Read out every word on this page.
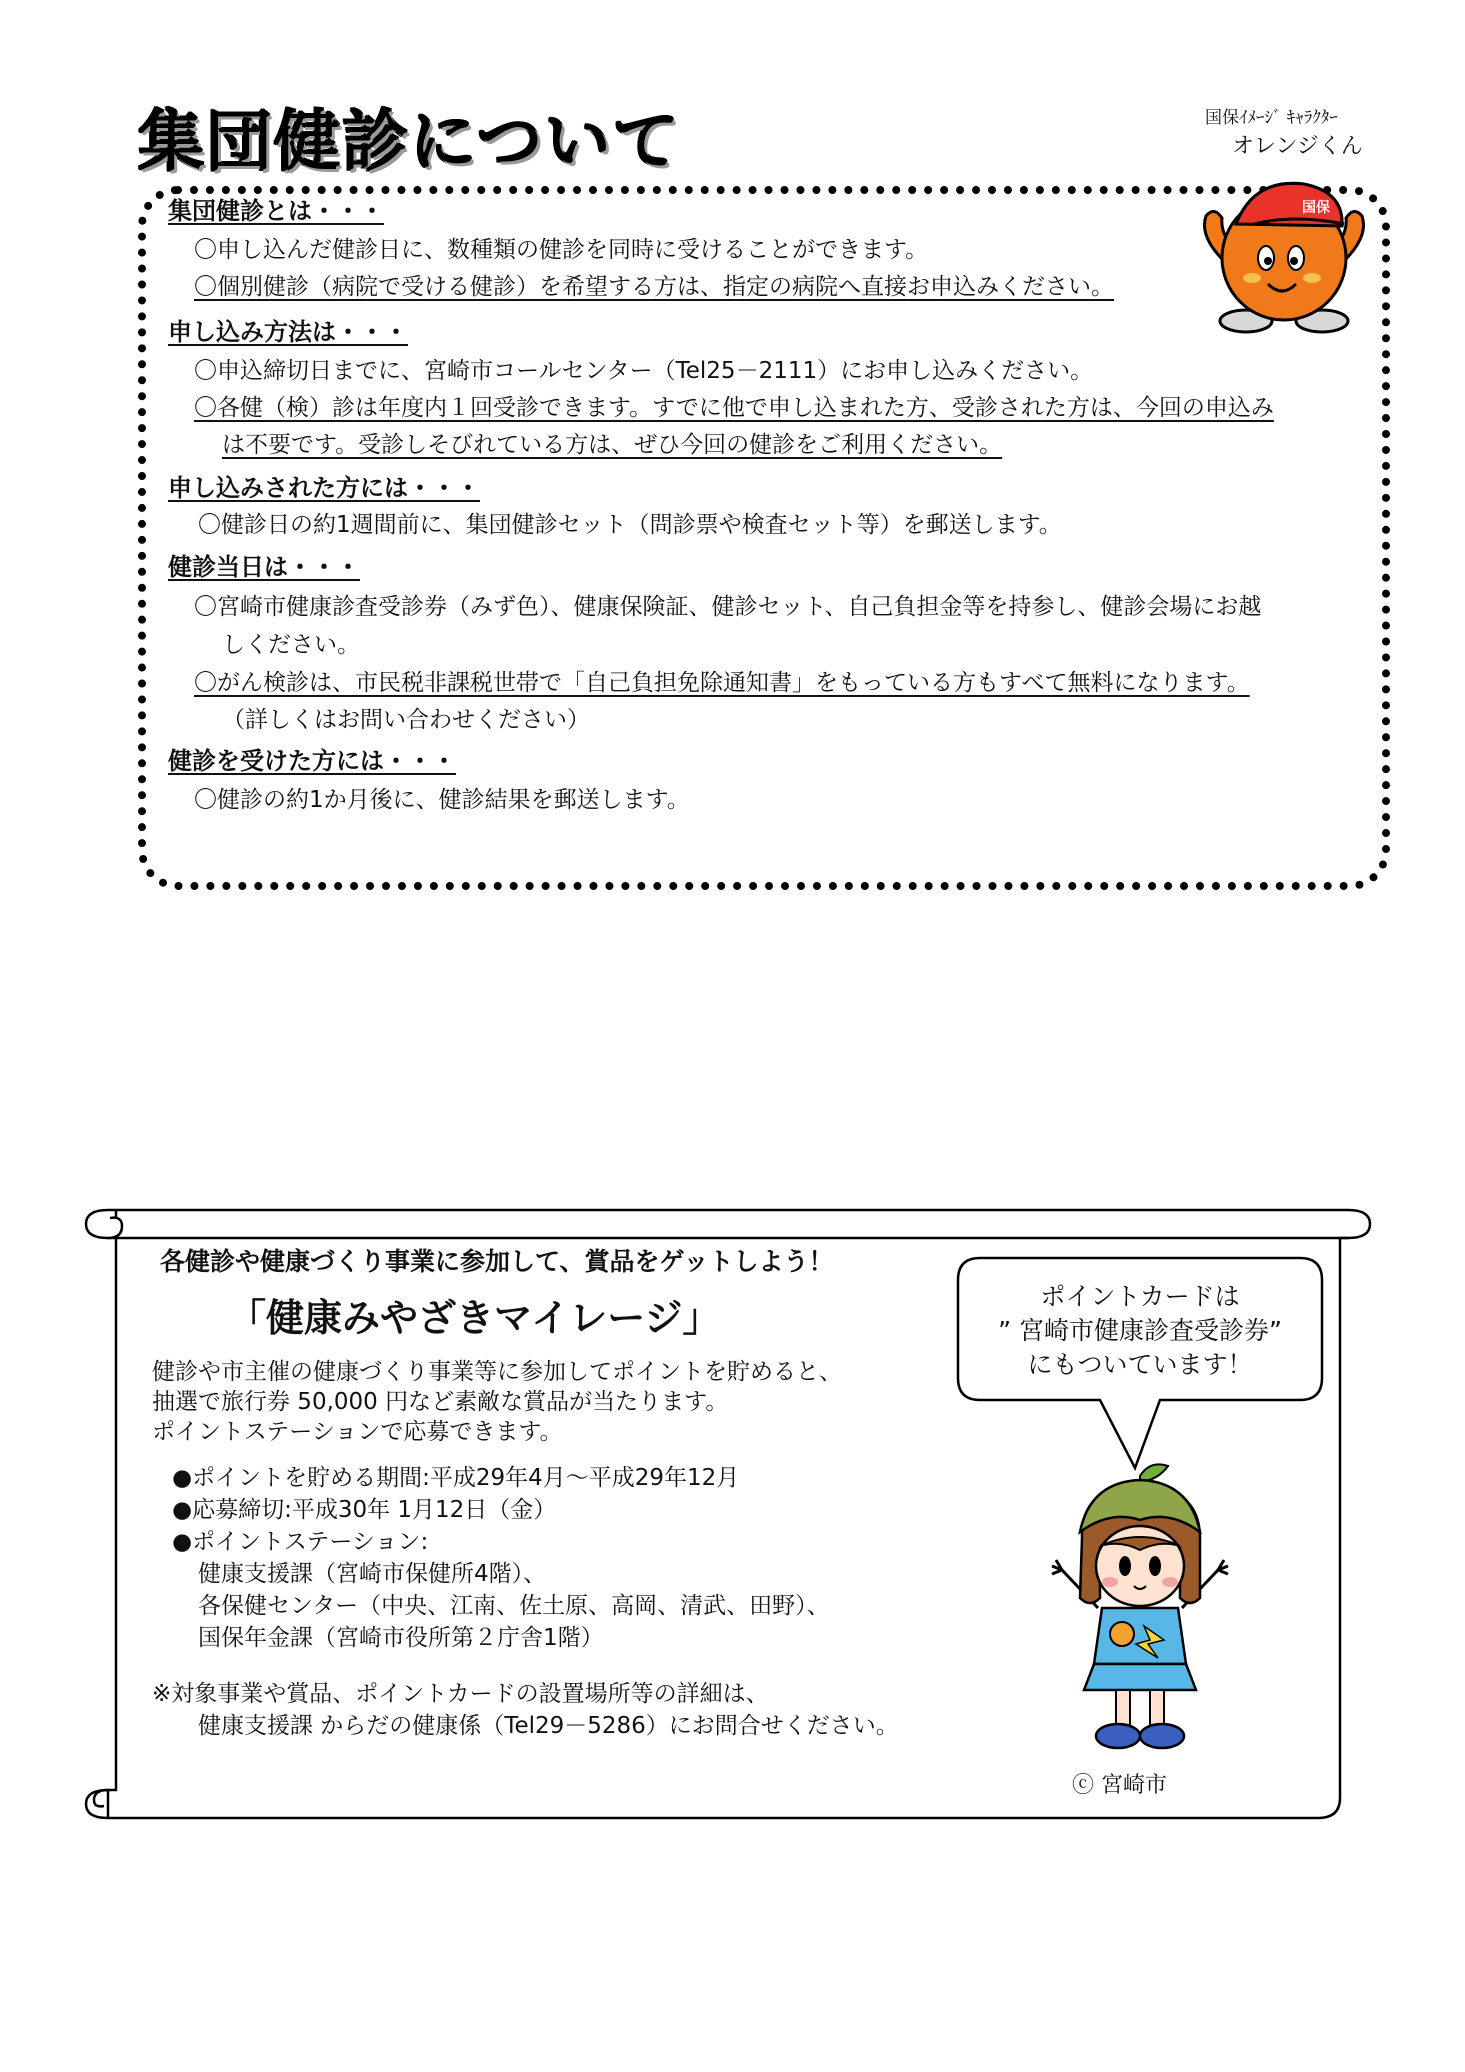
集団健診について	国保ｲﾒｰｼﾞ ｷｬﾗｸﾀｰ
オレンジくん
国保
集団健診とは・・・
〇申し込んだ健診日に、数種類の健診を同時に受けることができます。
〇個別健診（病院で受ける健診）を希望する方は、指定の病院へ直接お申込みください。
申し込み方法は・・・
〇申込締切日までに、宮崎市コールセンター（Tel25－2111）にお申し込みください。
〇各健（検）診は年度内１回受診できます。すでに他で申し込まれた方、受診された方は、今回の申込み
は不要です。受診しそびれている方は、ぜひ今回の健診をご利用ください。
申し込みされた方には・・・
〇健診日の約1週間前に、集団健診セット（問診票や検査セット等）を郵送します。
健診当日は・・・
〇宮崎市健康診査受診券（みず色）、健康保険証、健診セット、自己負担金等を持参し、健診会場にお越
しください。
〇がん検診は、市民税非課税世帯で「自己負担免除通知書」をもっている方もすべて無料になります。
（詳しくはお問い合わせください）
健診を受けた方には・・・
〇健診の約1か月後に、健診結果を郵送します。
各健診や健康づくり事業に参加して、賞品をゲットしよう！
「健康みやざきマイレージ」
健診や市主催の健康づくり事業等に参加してポイントを貯めると、
抽選で旅行券 50,000 円など素敵な賞品が当たります。
ポイントステーションで応募できます。
●ポイントを貯める期間:平成29年4月～平成29年12月
●応募締切:平成30年 1月12日（金）
●ポイントステーション:
健康支援課（宮崎市保健所4階）、
各保健センター（中央、江南、佐土原、高岡、清武、田野）、
国保年金課（宮崎市役所第２庁舎1階）
※対象事業や賞品、ポイントカードの設置場所等の詳細は、
健康支援課 からだの健康係（Tel29－5286）にお問合せください。
ポイントカードは
” 宮崎市健康診査受診券”
にもついています！
ⓒ 宮崎市
